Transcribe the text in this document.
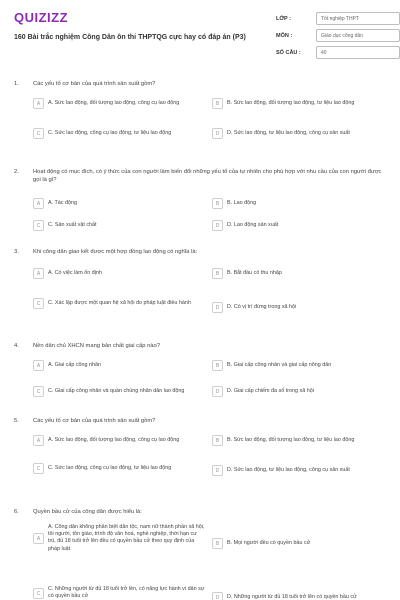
QUIZIZZ
160 Bài trắc nghiệm Công Dân ôn thi THPTQG cực hay có đáp án (P3)
LỚP :	Tốt nghiệp THPT
MÔN :	Giáo dục công dân
SỐ CÂU :	40
1. Các yếu tố cơ bản của quá trình sản xuất gồm?
A	A. Sức lao động, đối tượng lao động, công cụ lao động	B	B. Sức lao động, đối tượng lao động, tư liệu lao động
C	C. Sức lao động, công cụ lao động, tư liệu lao động	D	D. Sức lao động, tư liệu lao động, công cụ sản xuất
2. Hoạt động có mục đích, có ý thức của con người làm biến đổi những yếu tố của tự nhiên cho phù hợp với nhu cầu của con người được gọi là gì?
A	A. Tác động	B	B. Lao động
C	C. Sản xuất vật chất	D	D. Lao động sản xuất
3. Khi công dân giao kết được một hợp đồng lao động có nghĩa là:
A	A. Có việc làm ổn định	B	B. Bắt đầu có thu nhập
C	C. Xác lập được một quan hệ xã hội do pháp luật điều hành
D	D. Có vị trí đứng trong xã hội
4. Nền dân chủ XHCN mang bản chất giai cấp nào?
A	A. Giai cấp công nhân	B	B. Giai cấp công nhân và giai cấp nông dân
C	C. Giai cấp công nhân và quần chúng nhân dân lao động	D	D. Giai cấp chiếm đa số trong xã hội
5. Các yếu tố cơ bản của quá trình sản xuất gồm?
A	A. Sức lao động, đối tượng lao động, công cụ lao động	B	B. Sức lao động, đối tượng lao động, tư liệu lao động
C	C. Sức lao động, công cụ lao động, tư liệu lao động
D	D. Sức lao động, tư liệu lao động, công cụ sản xuất
6. Quyền bầu cử của công dân được hiểu là:
A
A. Công dân không phân biệt dân tộc, nam nữ thành phần xã hội, tôi người, tôn giáo, trình độ văn hoá, nghề nghiệp, thời hạn cư trú, đủ 18 tuổi trở lên đều có quyền bầu cử theo quy định của pháp luật
B	B. Mọi người đều có quyền bầu cử
C
C. Những người từ đủ 18 tuổi trở lên, có năng lực hành vi dân sự có quyền bầu cử	D	D. Những người từ đủ 18 tuổi trở lên có quyền bầu cử
